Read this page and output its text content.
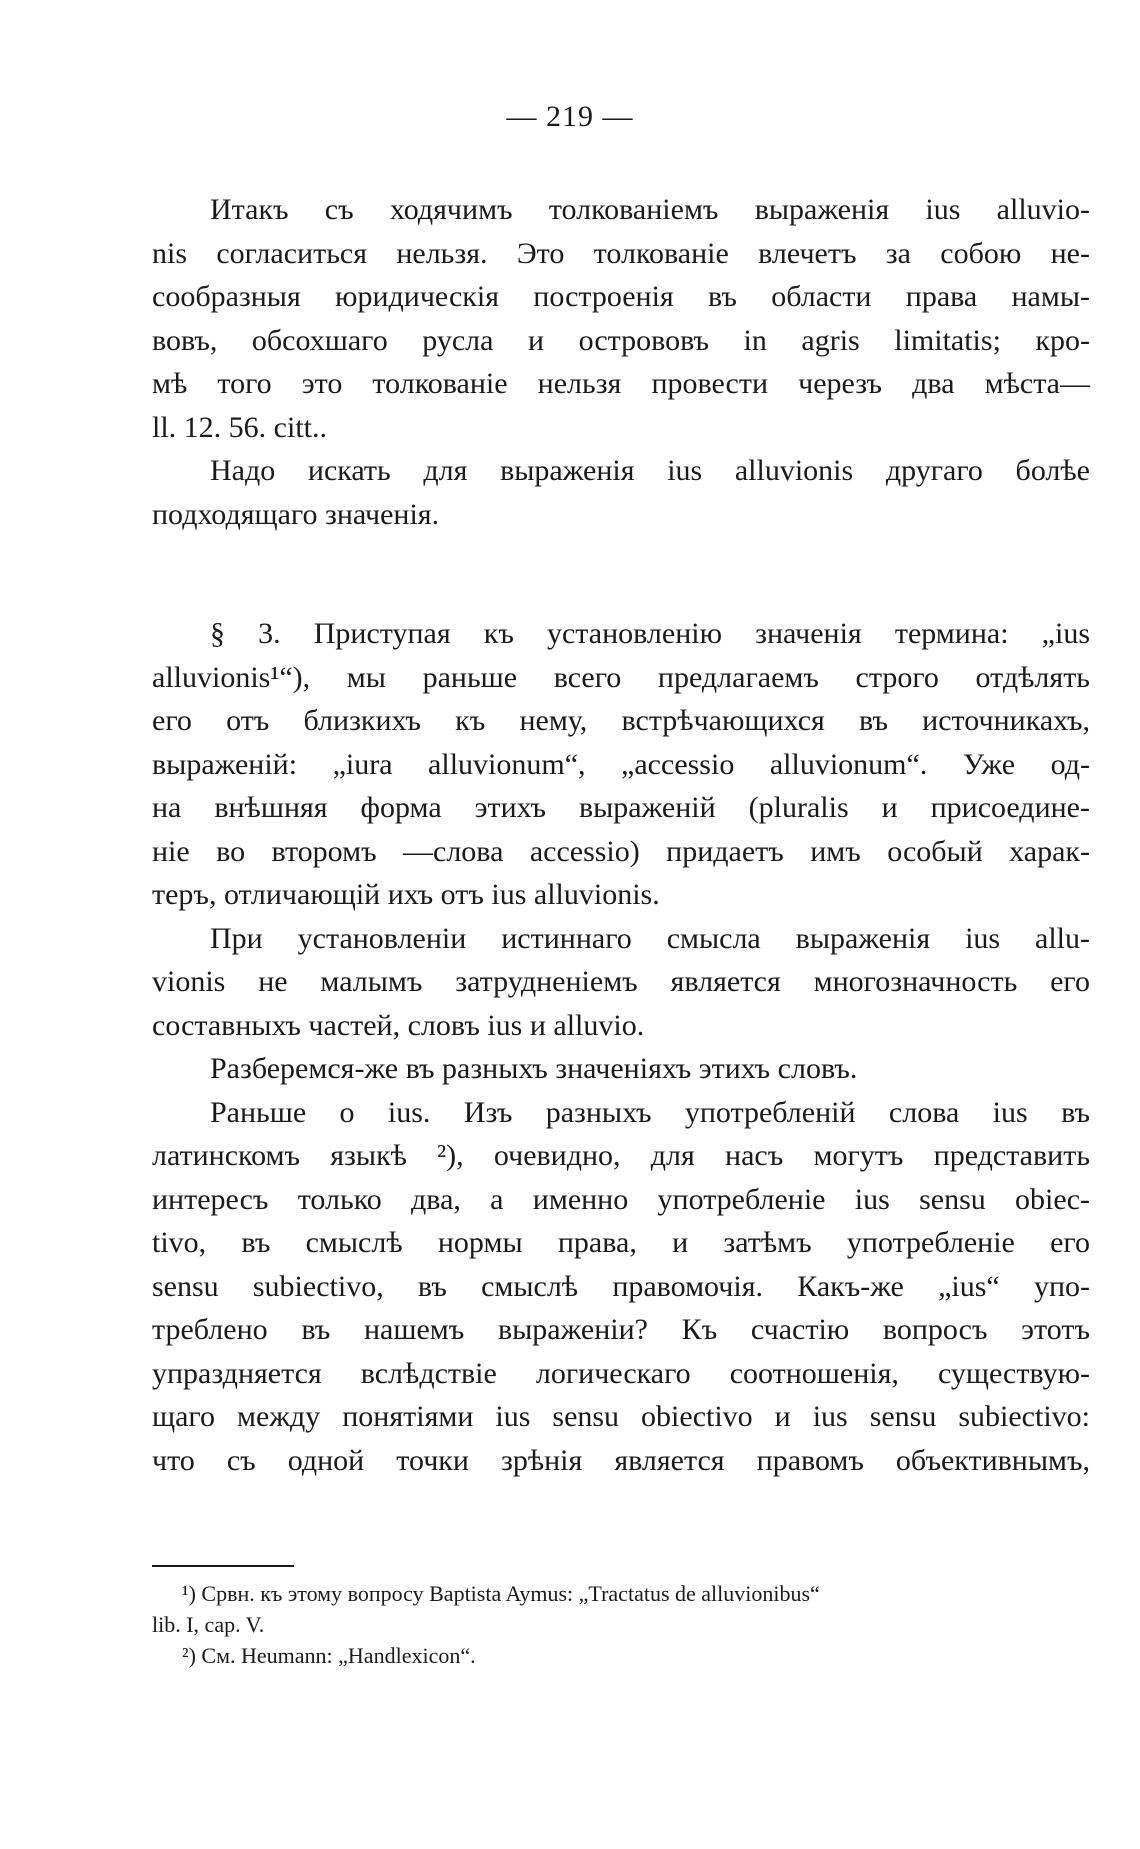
— 219 —

Итакъ съ ходячимъ толкованіемъ выраженія ius alluvio-
nis согласиться нельзя. Это толкованіе влечетъ за собою не-
сообразныя юридическія построенія въ области права намы-
вовъ, обсохшаго русла и острововъ in agris limitatis; кро-
мѣ того это толкованіе нельзя провести черезъ два мѣста—
ll. 12. 56. citt..

Надо искать для выраженія ius alluvionis другаго болѣе
подходящаго значенія.

§ 3. Приступая къ установленію значенія термина: „ius
alluvionis¹“), мы раньше всего предлагаемъ строго отдѣлять
его отъ близкихъ къ нему, встрѣчающихся въ источникахъ,
выраженій: „iura alluvionum“, „accessio alluvionum“. Уже од-
на внѣшняя форма этихъ выраженій (pluralis и присоедине-
ніе во второмъ —слова accessio) придаетъ имъ особый харак-
теръ, отличающій ихъ отъ ius alluvionis.

При установленіи истиннаго смысла выраженія ius allu-
vionis не малымъ затрудненіемъ является многозначность его
составныхъ частей, словъ ius и alluvio.

Разберемся-же въ разныхъ значеніяхъ этихъ словъ.

Раньше о ius. Изъ разныхъ употребленій слова ius въ
латинскомъ языкѣ ²), очевидно, для насъ могутъ представить
интересъ только два, а именно употребленіе ius sensu obiec-
tivo, въ смыслѣ нормы права, и затѣмъ употребленіе его
sensu subiectivo, въ смыслѣ правомочія. Какъ-же „ius“ упо-
треблено въ нашемъ выраженіи? Къ счастію вопросъ этотъ
упраздняется вслѣдствіе логическаго соотношенія, существую-
щаго между понятіями ius sensu obiectivo и ius sensu subiectivo:
что съ одной точки зрѣнія является правомъ объективнымъ,

¹) Срвн. къ этому вопросу Baptista Aymus: „Tractatus de alluvionibus“
lib. I, cap. V.
²) См. Heumann: „Handlexicon“.
